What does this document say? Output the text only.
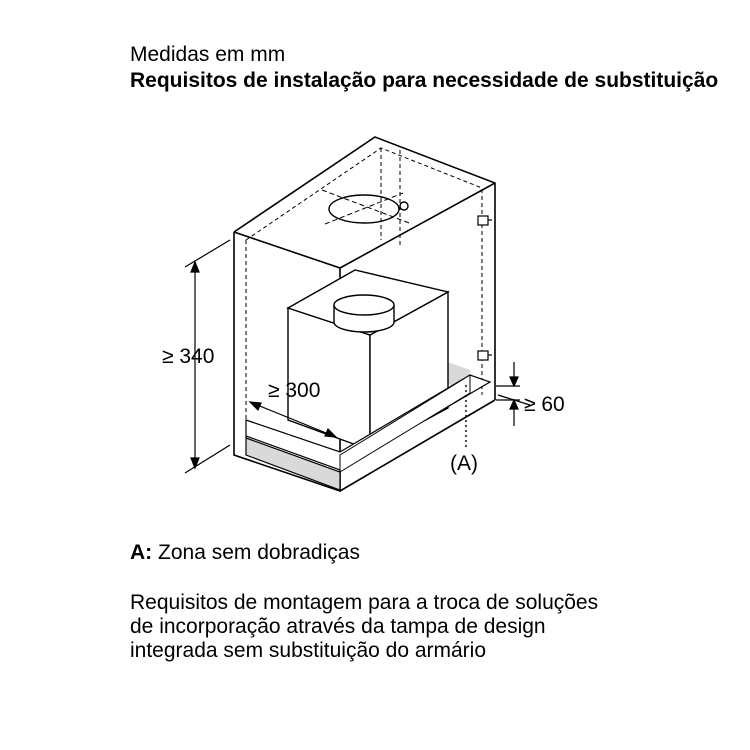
Medidas em mm
Requisitos de instalação para necessidade de substituição
≥ 340
≥ 300
≥ 60
(A)
A: Zona sem dobradiças
Requisitos de montagem para a troca de soluções de incorporação através da tampa de design integrada sem substituição do armário
